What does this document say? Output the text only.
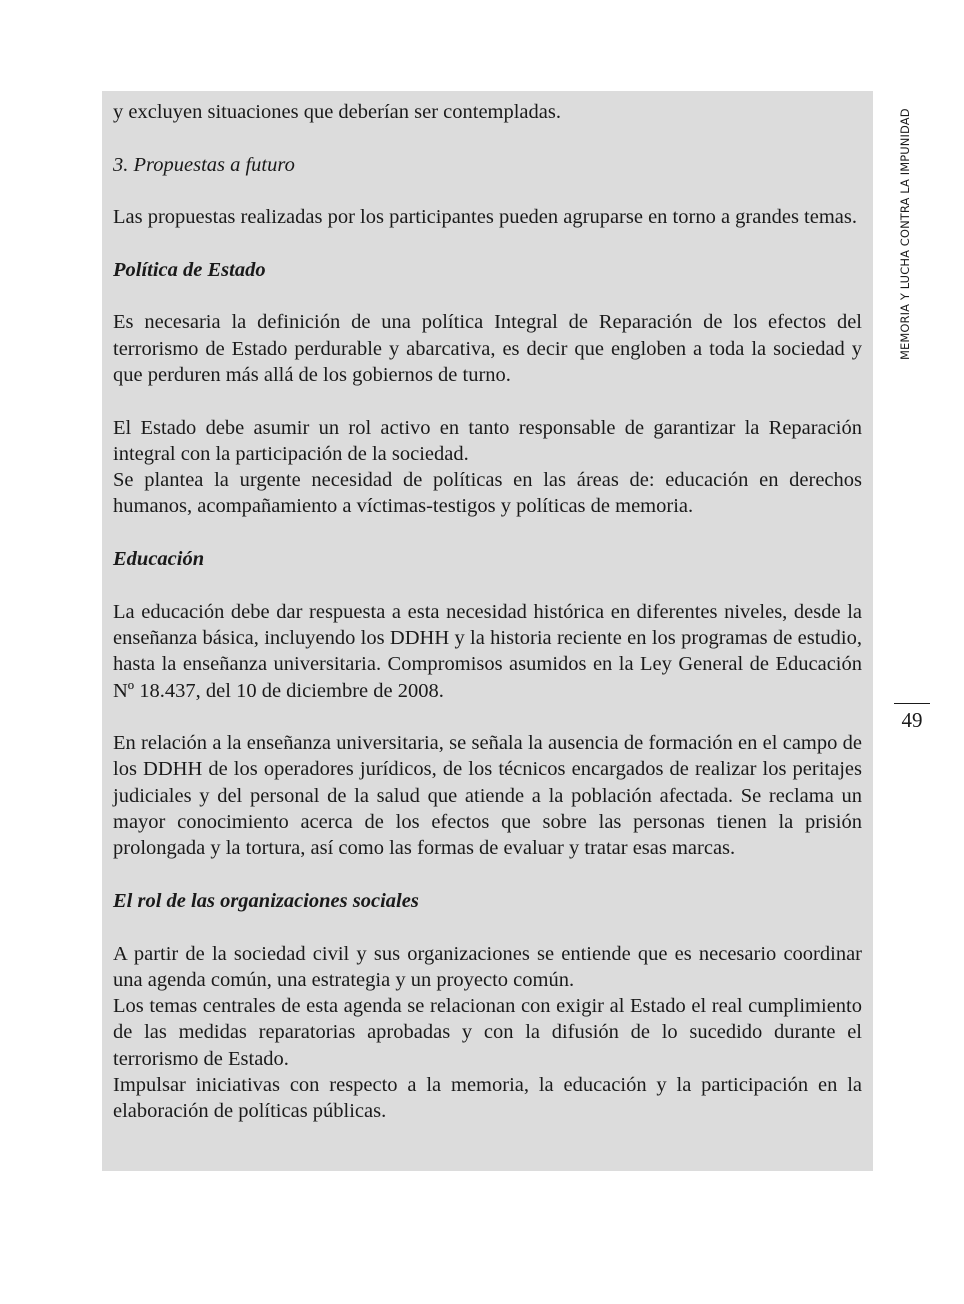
y excluyen situaciones que deberían ser contempladas.

3. Propuestas a futuro

Las propuestas realizadas por los participantes pueden agruparse en torno a grandes temas.

Política de Estado

Es necesaria la definición de una política Integral de Reparación de los efectos del terrorismo de Estado perdurable y abarcativa, es decir que engloben a toda la sociedad y que perduren más allá de los gobiernos de turno.

El Estado debe asumir un rol activo en tanto responsable de garantizar la Reparación integral con la participación de la sociedad.

Se plantea la urgente necesidad de políticas en las áreas de: educación en derechos humanos, acompañamiento a víctimas-testigos y políticas de memoria.

Educación

La educación debe dar respuesta a esta necesidad histórica en diferentes niveles, desde la enseñanza básica, incluyendo los DDHH y la historia reciente en los programas de estudio, hasta la enseñanza universitaria. Compromisos asumidos en la Ley General de Educación Nº 18.437, del 10 de diciembre de 2008.

En relación a la enseñanza universitaria, se señala la ausencia de formación en el campo de los DDHH de los operadores jurídicos, de los técnicos encargados de realizar los peritajes judiciales y del personal de la salud que atiende a la población afectada. Se reclama un mayor conocimiento acerca de los efectos que sobre las personas tienen la prisión prolongada y la tortura, así como las formas de evaluar y tratar esas marcas.

El rol de las organizaciones sociales

A partir de la sociedad civil y sus organizaciones se entiende que es necesario coordinar una agenda común, una estrategia y un proyecto común.

Los temas centrales de esta agenda se relacionan con exigir al Estado el real cumplimiento de las medidas reparatorias aprobadas y con la difusión de lo sucedido durante el terrorismo de Estado.

Impulsar iniciativas con respecto a la memoria, la educación y la participación en la elaboración de políticas públicas.

MEMORIA Y LUCHA CONTRA LA IMPUNIDAD
49
